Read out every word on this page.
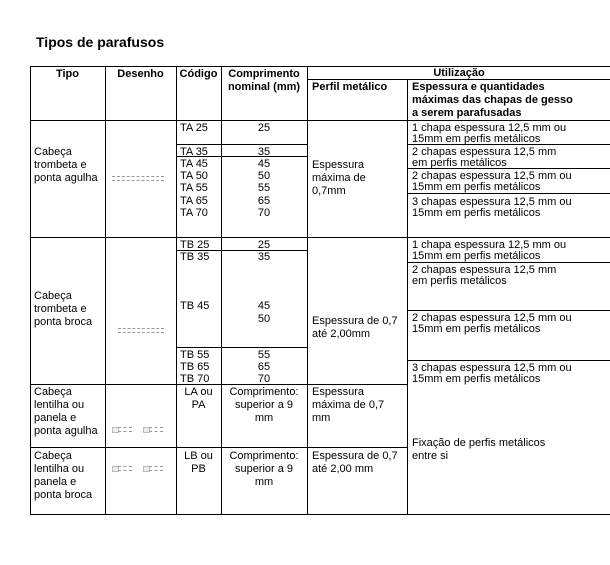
Tipos de parafusos
Tipo	Desenho	Código Comprimento
nominal (mm)
Utilização
Perfil metálico Espessura e quantidades
máximas das chapas de gesso
a serem parafusadas
Cabeça
trombeta e
ponta agulha
TA 25
TA 35
TA 45
TA 50
TA 55
TA 65
TA 70
25
35
45
50
55
65
70
Espessura
máxima de
0,7mm
1 chapa espessura 12,5 mm ou
15mm em perfis metálicos
2 chapas espessura 12,5 mm
em perfis metálicos
2 chapas espessura 12,5 mm ou
15mm em perfis metálicos
3 chapas espessura 12,5 mm ou
15mm em perfis metálicos
Cabeça
trombeta e
ponta broca
TB 25
TB 35
TB 45
TB 55
TB 65
TB 70
25
35
45
50
55
65
70
Espessura de 0,7
até 2,00mm
1 chapa espessura 12,5 mm ou
15mm em perfis metálicos
2 chapas espessura 12,5 mm
em perfis metálicos
2 chapas espessura 12,5 mm ou
15mm em perfis metálicos
3 chapas espessura 12,5 mm ou
15mm em perfis metálicos
Cabeça
lentilha ou
panela e
ponta agulha
LA ou
PA
Comprimento:
superior a 9
mm
Espessura
máxima de 0,7
mm
Cabeça
lentilha ou
panela e
ponta broca
LB ou
PB
Comprimento:
superior a 9
mm
Espessura de 0,7
até 2,00 mm
Fixação de perfis metálicos
entre si
